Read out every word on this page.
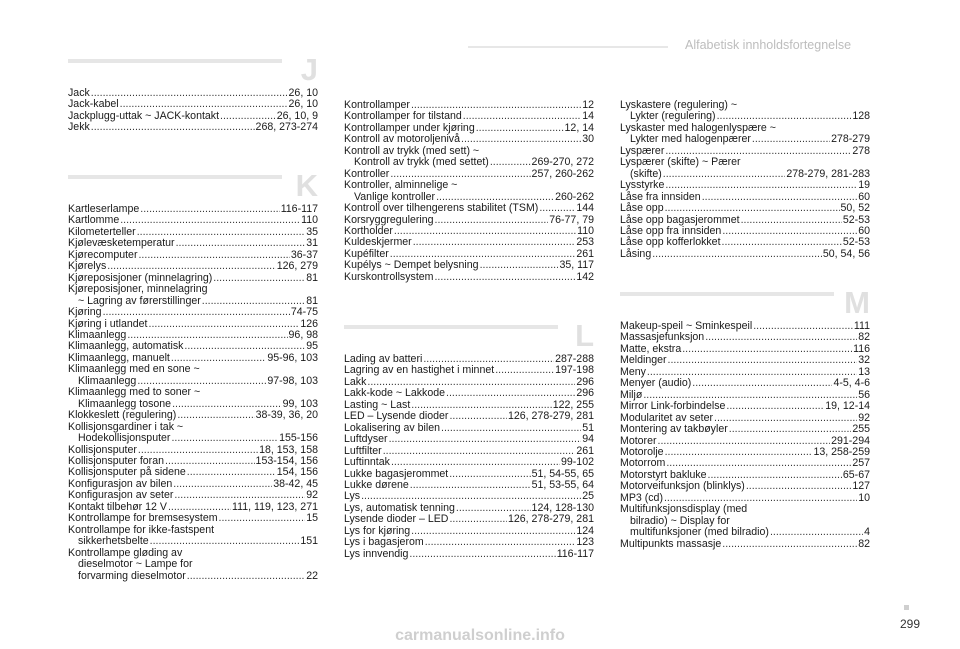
Alfabetisk innholdsfortegnelse
J
Jack .....	26, 10
Jack-kabel .....	26, 10
Jackplugg-uttak ~ JACK-kontakt .....	26, 10, 9
Jekk .....	268, 273-274
K
Kartleserlampe .....	116-117
Kartlomme .....	110
Kilometerteller .....	35
Kjølevæsketemperatur .....	31
Kjørecomputer .....	36-37
Kjørelys .....	126, 279
Kjøreposisjoner (minnelagring) .....	81
Kjøreposisjoner, minnelagring
~ Lagring av førerstillinger .....	81
Kjøring .....	74-75
Kjøring i utlandet .....	126
Klimaanlegg .....	96, 98
Klimaanlegg, automatisk .....	95
Klimaanlegg, manuelt .....	95-96, 103
Klimaanlegg med en sone ~
Klimaanlegg .....	97-98, 103
Klimaanlegg med to soner ~
Klimaanlegg tosone .....	99, 103
Klokkeslett (regulering) .....	38-39, 36, 20
Kollisjonsgardiner i tak ~
Hodekollisjonsputer .....	155-156
Kollisjonsputer .....	18, 153, 158
Kollisjonsputer foran .....	153-154, 156
Kollisjonsputer på sidene .....	154, 156
Konfigurasjon av bilen .....	38-42, 45
Konfigurasjon av seter .....	92
Kontakt tilbehør 12 V .....	111, 119, 123, 271
Kontrollampe for bremsesystem .....	15
Kontrollampe for ikke-fastspent
sikkerhetsbelte .....	151
Kontrollampe gløding av
dieselmotor ~ Lampe for
forvarming dieselmotor .....	22
Kontrollamper .....	12
Kontrollamper for tilstand .....	14
Kontrollamper under kjøring .....	12, 14
Kontroll av motoroljenivå .....	30
Kontroll av trykk (med sett) ~
Kontroll av trykk (med settet) .....	269-270, 272
Kontroller .....	257, 260-262
Kontroller, alminnelige ~
Vanlige kontroller .....	260-262
Kontroll over tilhengerens stabilitet (TSM) .....	144
Korsryggregulering .....	76-77, 79
Kortholder .....	110
Kuldeskjermer .....	253
Kupéfilter .....	261
Kupélys ~ Dempet belysning .....	35, 117
Kurskontrollsystem .....	142
L
Lading av batteri .....	287-288
Lagring av en hastighet i minnet .....	197-198
Lakk .....	296
Lakk-kode ~ Lakkode .....	296
Lasting ~ Last .....	122, 255
LED – Lysende dioder .....	126, 278-279, 281
Lokalisering av bilen .....	51
Luftdyser .....	94
Luftfilter .....	261
Luftinntak .....	99-102
Lukke bagasjerommet .....	51, 54-55, 65
Lukke dørene .....	51, 53-55, 64
Lys .....	25
Lys, automatisk tenning .....	124, 128-130
Lysende dioder – LED .....	126, 278-279, 281
Lys for kjøring .....	124
Lys i bagasjerom .....	123
Lys innvendig .....	116-117
Lyskastere (regulering) ~
Lykter (regulering) .....	128
Lyskaster med halogenlyspære ~
Lykter med halogenpærer .....	278-279
Lyspærer .....	278
Lyspærer (skifte) ~ Pærer
(skifte) .....	278-279, 281-283
Lysstyrke .....	19
Låse fra innsiden .....	60
Låse opp .....	50, 52
Låse opp bagasjerommet .....	52-53
Låse opp fra innsiden .....	60
Låse opp kofferlokket .....	52-53
Låsing .....	50, 54, 56
M
Makeup-speil ~ Sminkespeil .....	111
Massasjefunksjon .....	82
Matte, ekstra .....	116
Meldinger .....	32
Meny .....	13
Menyer (audio) .....	4-5, 4-6
Miljø .....	56
Mirror Link-forbindelse .....	19, 12-14
Modularitet av seter .....	92
Montering av takbøyler .....	255
Motorer .....	291-294
Motorolje .....	13, 258-259
Motorrom .....	257
Motorstyrt bakluke .....	65-67
Motorveifunksjon (blinklys) .....	127
MP3 (cd) .....	10
Multifunksjonsdisplay (med
bilradio) ~ Display for
multifunksjoner (med bilradio) .....	4
Multipunkts massasje .....	82
299
carmanualsonline.info
